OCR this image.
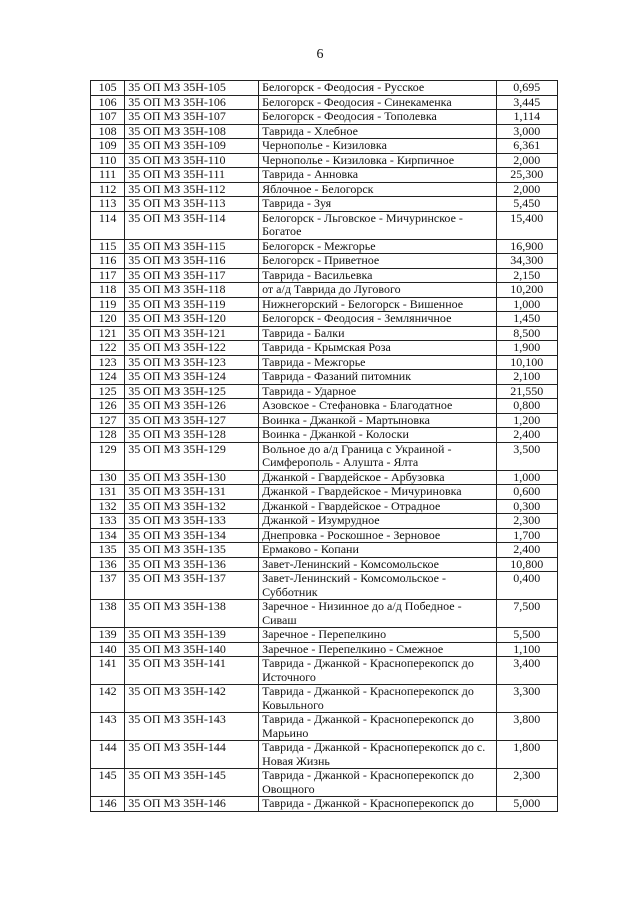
6
105	35 ОП МЗ 35Н-105	Белогорск - Феодосия - Русское	0,695
106	35 ОП МЗ 35Н-106	Белогорск - Феодосия - Синекаменка	3,445
107	35 ОП МЗ 35Н-107	Белогорск - Феодосия - Тополевка	1,114
108	35 ОП МЗ 35Н-108	Таврида - Хлебное	3,000
109	35 ОП МЗ 35Н-109	Чернополье - Кизиловка	6,361
110	35 ОП МЗ 35Н-110	Чернополье - Кизиловка - Кирпичное	2,000
111	35 ОП МЗ 35Н-111	Таврида - Анновка	25,300
112	35 ОП МЗ 35Н-112	Яблочное - Белогорск	2,000
113	35 ОП МЗ 35Н-113	Таврида - Зуя	5,450
114	35 ОП МЗ 35Н-114	Белогорск - Льговское - Мичуринское - Богатое	15,400
115	35 ОП МЗ 35Н-115	Белогорск - Межгорье	16,900
116	35 ОП МЗ 35Н-116	Белогорск - Приветное	34,300
117	35 ОП МЗ 35Н-117	Таврида - Васильевка	2,150
118	35 ОП МЗ 35Н-118	от а/д Таврида до Лугового	10,200
119	35 ОП МЗ 35Н-119	Нижнегорский - Белогорск - Вишенное	1,000
120	35 ОП МЗ 35Н-120	Белогорск - Феодосия - Земляничное	1,450
121	35 ОП МЗ 35Н-121	Таврида - Балки	8,500
122	35 ОП МЗ 35Н-122	Таврида - Крымская Роза	1,900
123	35 ОП МЗ 35Н-123	Таврида - Межгорье	10,100
124	35 ОП МЗ 35Н-124	Таврида - Фазаний питомник	2,100
125	35 ОП МЗ 35Н-125	Таврида - Ударное	21,550
126	35 ОП МЗ 35Н-126	Азовское - Стефановка - Благодатное	0,800
127	35 ОП МЗ 35Н-127	Воинка - Джанкой - Мартыновка	1,200
128	35 ОП МЗ 35Н-128	Воинка - Джанкой - Колоски	2,400
129	35 ОП МЗ 35Н-129	Вольное до а/д Граница с Украиной - Симферополь - Алушта - Ялта	3,500
130	35 ОП МЗ 35Н-130	Джанкой - Гвардейское - Арбузовка	1,000
131	35 ОП МЗ 35Н-131	Джанкой - Гвардейское - Мичуриновка	0,600
132	35 ОП МЗ 35Н-132	Джанкой - Гвардейское - Отрадное	0,300
133	35 ОП МЗ 35Н-133	Джанкой - Изумрудное	2,300
134	35 ОП МЗ 35Н-134	Днепровка - Роскошное - Зерновое	1,700
135	35 ОП МЗ 35Н-135	Ермаково - Копани	2,400
136	35 ОП МЗ 35Н-136	Завет-Ленинский - Комсомольское	10,800
137	35 ОП МЗ 35Н-137	Завет-Ленинский - Комсомольское - Субботник	0,400
138	35 ОП МЗ 35Н-138	Заречное - Низинное до а/д Победное - Сиваш	7,500
139	35 ОП МЗ 35Н-139	Заречное - Перепелкино	5,500
140	35 ОП МЗ 35Н-140	Заречное - Перепелкино - Смежное	1,100
141	35 ОП МЗ 35Н-141	Таврида - Джанкой - Красноперекопск до Источного	3,400
142	35 ОП МЗ 35Н-142	Таврида - Джанкой - Красноперекопск до Ковыльного	3,300
143	35 ОП МЗ 35Н-143	Таврида - Джанкой - Красноперекопск до Марьино	3,800
144	35 ОП МЗ 35Н-144	Таврида - Джанкой - Красноперекопск до с. Новая Жизнь	1,800
145	35 ОП МЗ 35Н-145	Таврида - Джанкой - Красноперекопск до Овощного	2,300
146	35 ОП МЗ 35Н-146	Таврида - Джанкой - Красноперекопск до	5,000
